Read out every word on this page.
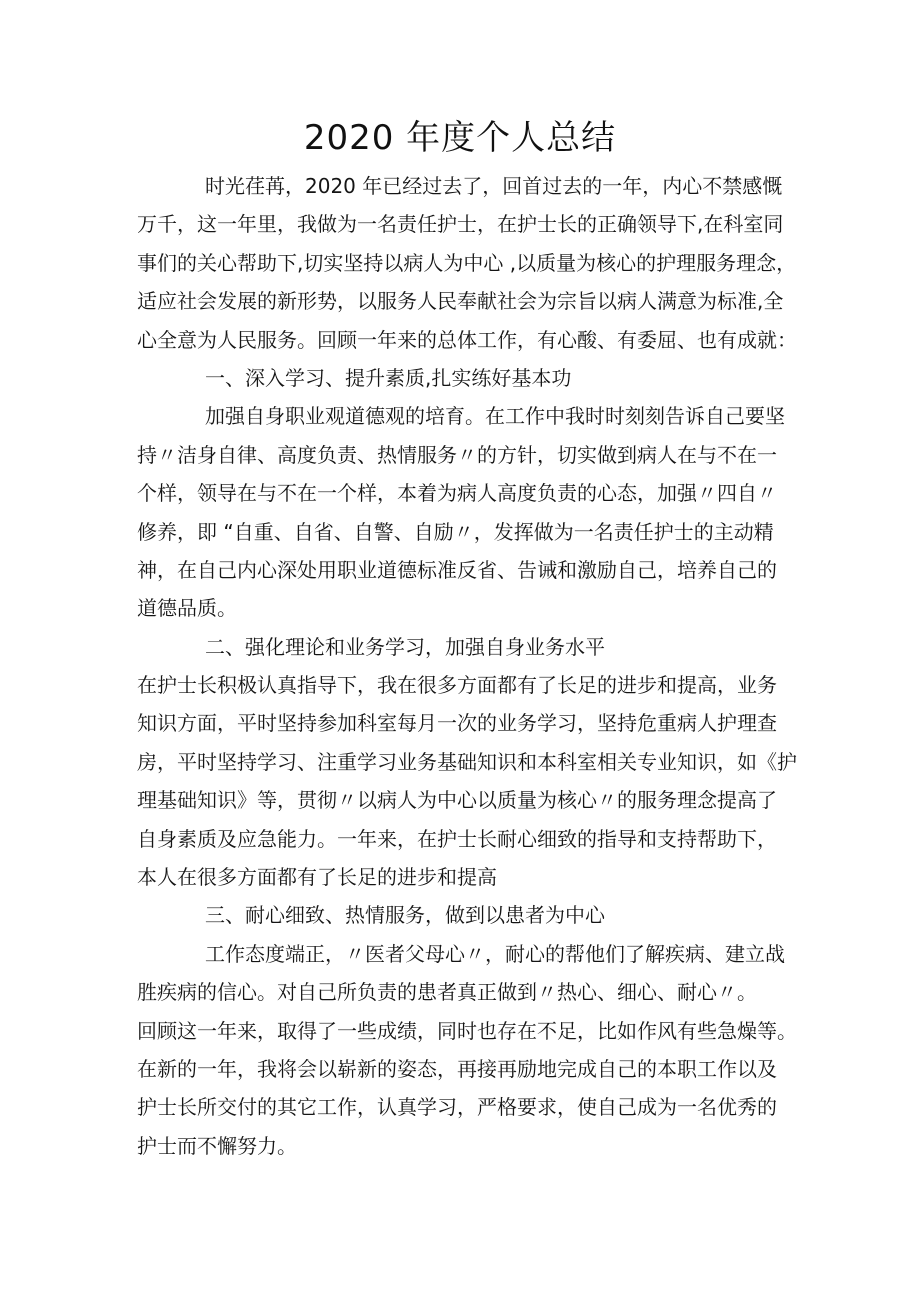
2020 年度个人总结
时光荏苒，2020 年已经过去了，回首过去的一年，内心不禁感慨
万千，这一年里，我做为一名责任护士，在护士长的正确领导下,在科室同
事们的关心帮助下,切实坚持以病人为中心 ,以质量为核心的护理服务理念，
适应社会发展的新形势，以服务人民奉献社会为宗旨以病人满意为标准,全
心全意为人民服务。回顾一年来的总体工作，有心酸、有委屈、也有成就：
一、深入学习、提升素质,扎实练好基本功
加强自身职业观道德观的培育。在工作中我时时刻刻告诉自己要坚
持〃洁身自律、高度负责、热情服务〃的方针，切实做到病人在与不在一
个样，领导在与不在一个样，本着为病人高度负责的心态，加强〃四自〃
修养，即 “自重、自省、自警、自励〃，发挥做为一名责任护士的主动精
神，在自己内心深处用职业道德标准反省、告诫和激励自己，培养自己的
道德品质。
二、强化理论和业务学习，加强自身业务水平
在护士长积极认真指导下，我在很多方面都有了长足的进步和提高，业务
知识方面，平时坚持参加科室每月一次的业务学习，坚持危重病人护理查
房，平时坚持学习、注重学习业务基础知识和本科室相关专业知识，如《护
理基础知识》等，贯彻〃以病人为中心以质量为核心〃的服务理念提高了
自身素质及应急能力。一年来，在护士长耐心细致的指导和支持帮助下，
本人在很多方面都有了长足的进步和提高
三、耐心细致、热情服务，做到以患者为中心
工作态度端正，〃医者父母心〃，耐心的帮他们了解疾病、建立战
胜疾病的信心。对自己所负责的患者真正做到〃热心、细心、耐心〃。
回顾这一年来，取得了一些成绩，同时也存在不足，比如作风有些急燥等。
在新的一年，我将会以崭新的姿态，再接再励地完成自己的本职工作以及
护士长所交付的其它工作，认真学习，严格要求，使自己成为一名优秀的
护士而不懈努力。
